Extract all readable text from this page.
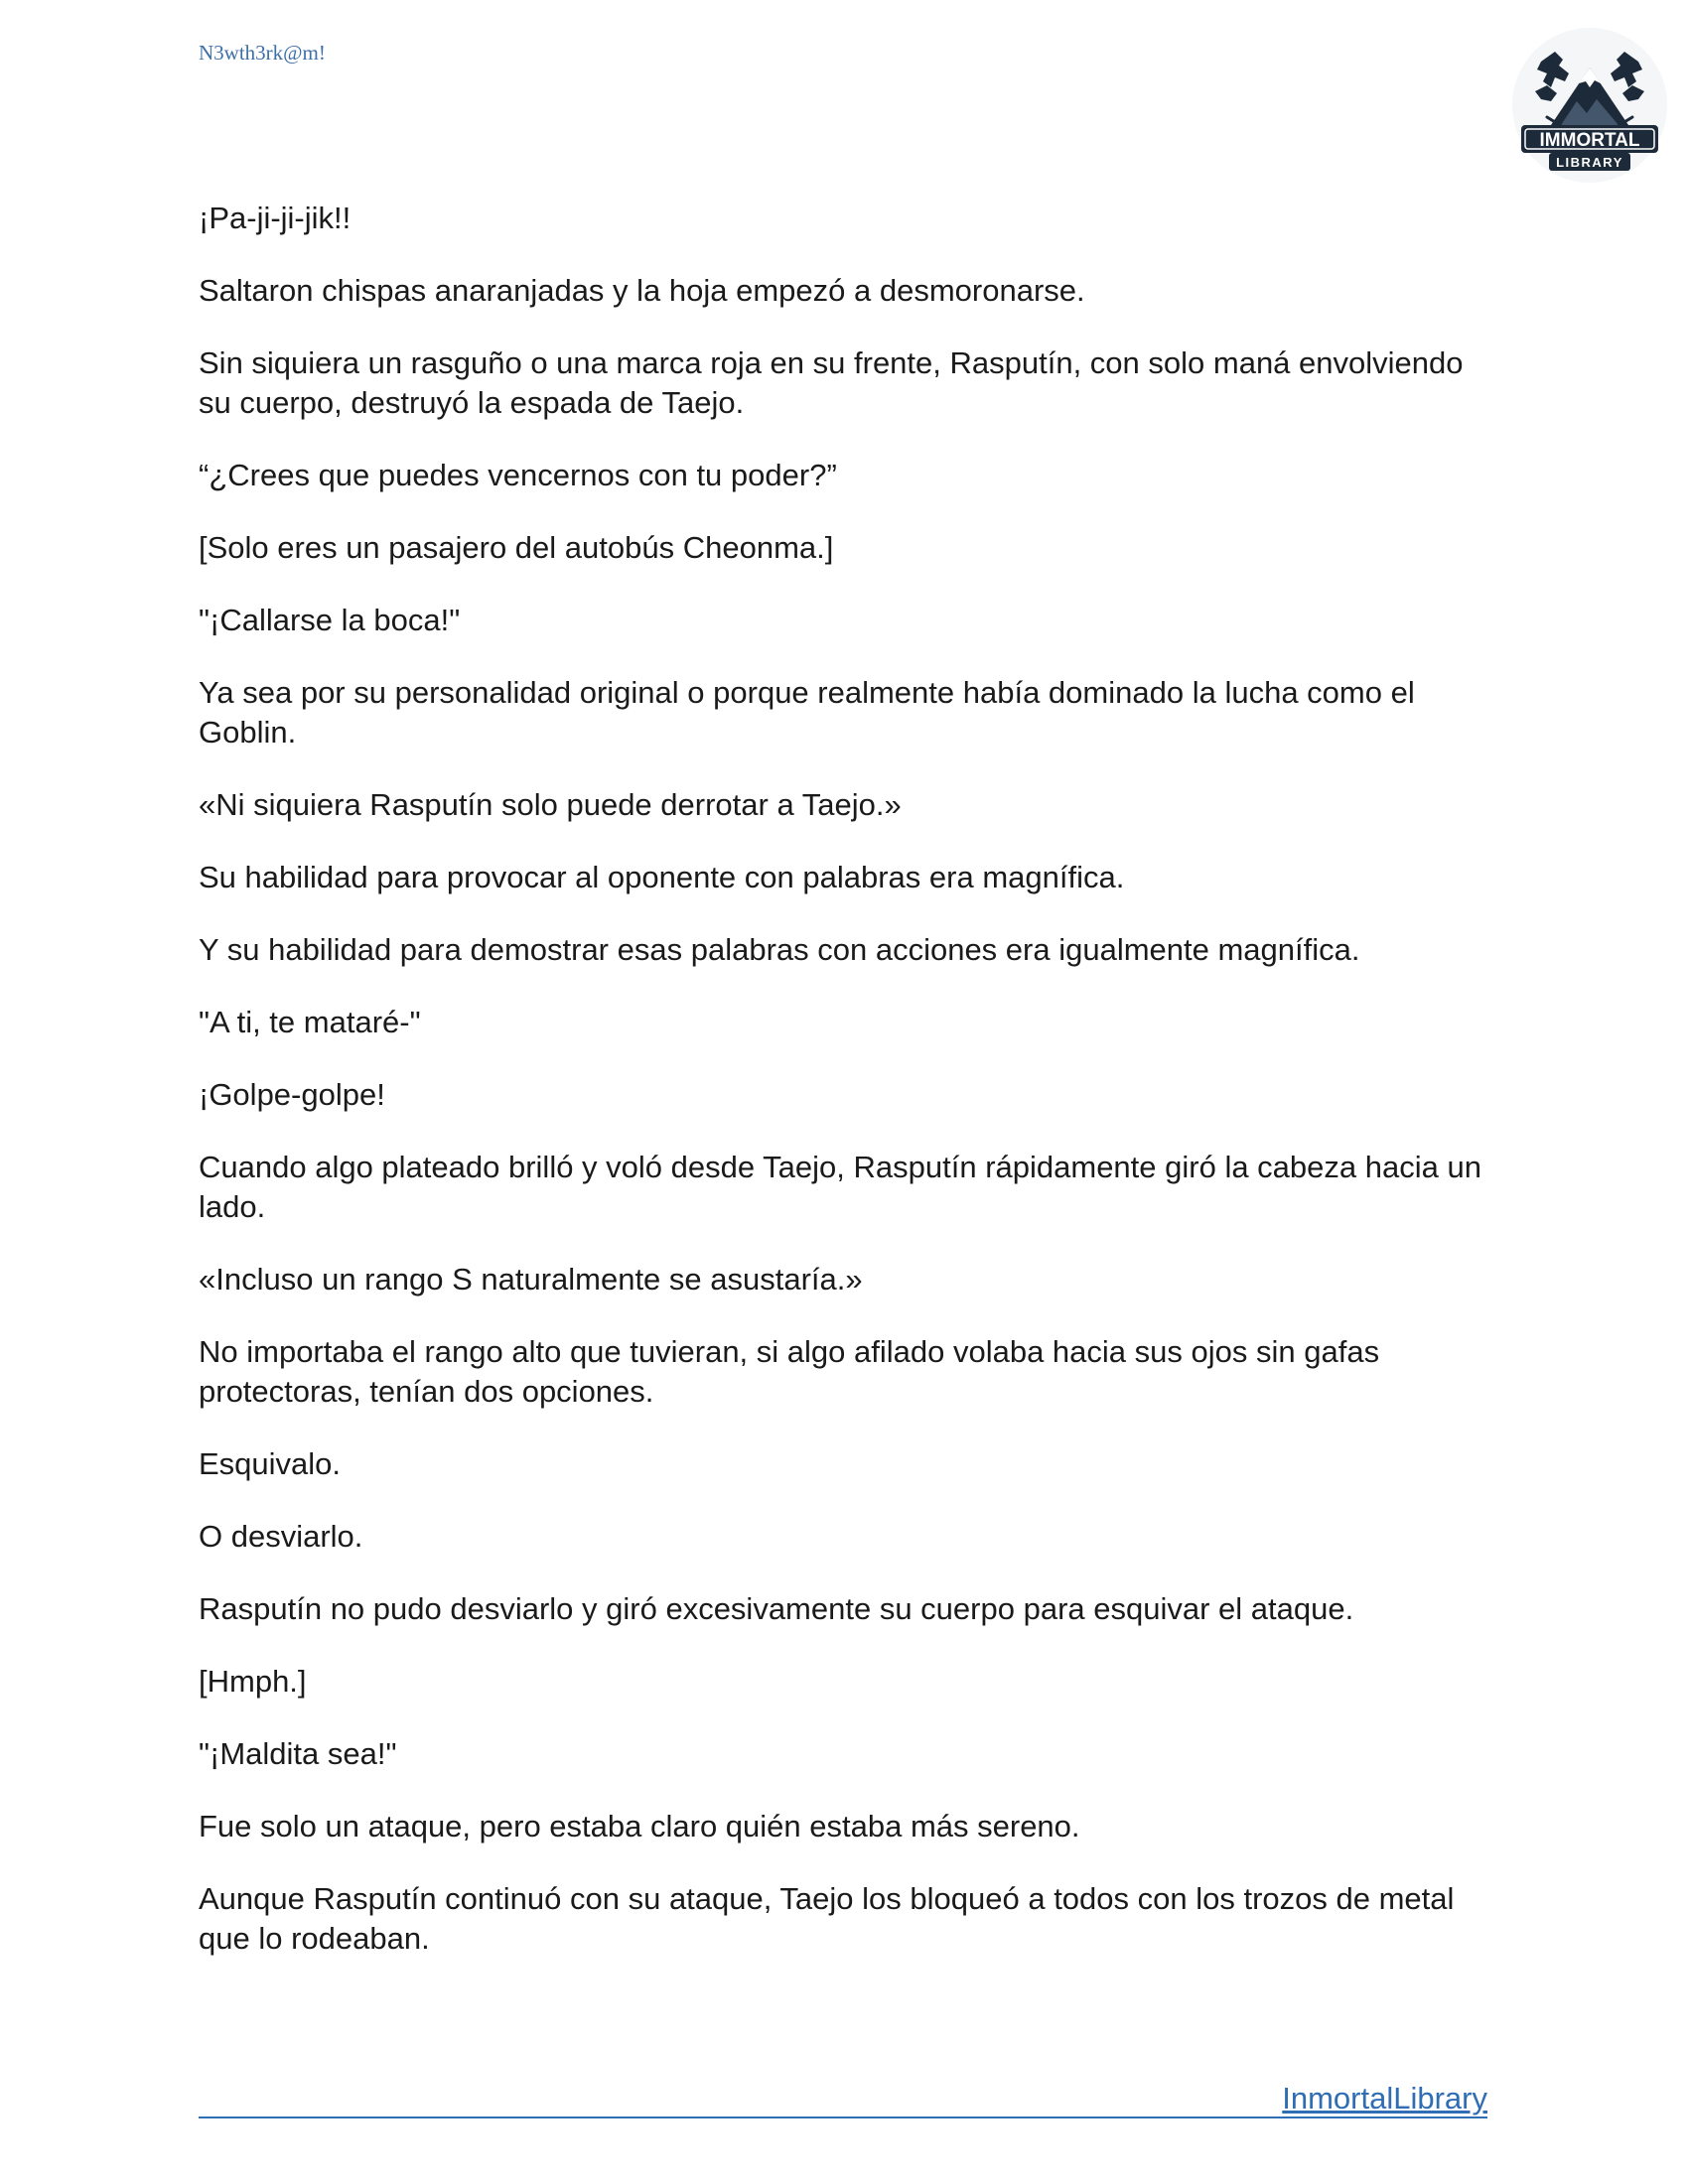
N3wth3rk@m!
IMMORTAL
LIBRARY

¡Pa-ji-ji-jik!!

Saltaron chispas anaranjadas y la hoja empezó a desmoronarse.

Sin siquiera un rasguño o una marca roja en su frente, Rasputín, con solo maná envolviendo su cuerpo, destruyó la espada de Taejo.

“¿Crees que puedes vencernos con tu poder?”

[Solo eres un pasajero del autobús Cheonma.]

"¡Callarse la boca!"

Ya sea por su personalidad original o porque realmente había dominado la lucha como el Goblin.

«Ni siquiera Rasputín solo puede derrotar a Taejo.»

Su habilidad para provocar al oponente con palabras era magnífica.

Y su habilidad para demostrar esas palabras con acciones era igualmente magnífica.

"A ti, te mataré-"

¡Golpe-golpe!

Cuando algo plateado brilló y voló desde Taejo, Rasputín rápidamente giró la cabeza hacia un lado.

«Incluso un rango S naturalmente se asustaría.»

No importaba el rango alto que tuvieran, si algo afilado volaba hacia sus ojos sin gafas protectoras, tenían dos opciones.

Esquivalo.

O desviarlo.

Rasputín no pudo desviarlo y giró excesivamente su cuerpo para esquivar el ataque.

[Hmph.]

"¡Maldita sea!"

Fue solo un ataque, pero estaba claro quién estaba más sereno.

Aunque Rasputín continuó con su ataque, Taejo los bloqueó a todos con los trozos de metal que lo rodeaban.

InmortalLibrary
